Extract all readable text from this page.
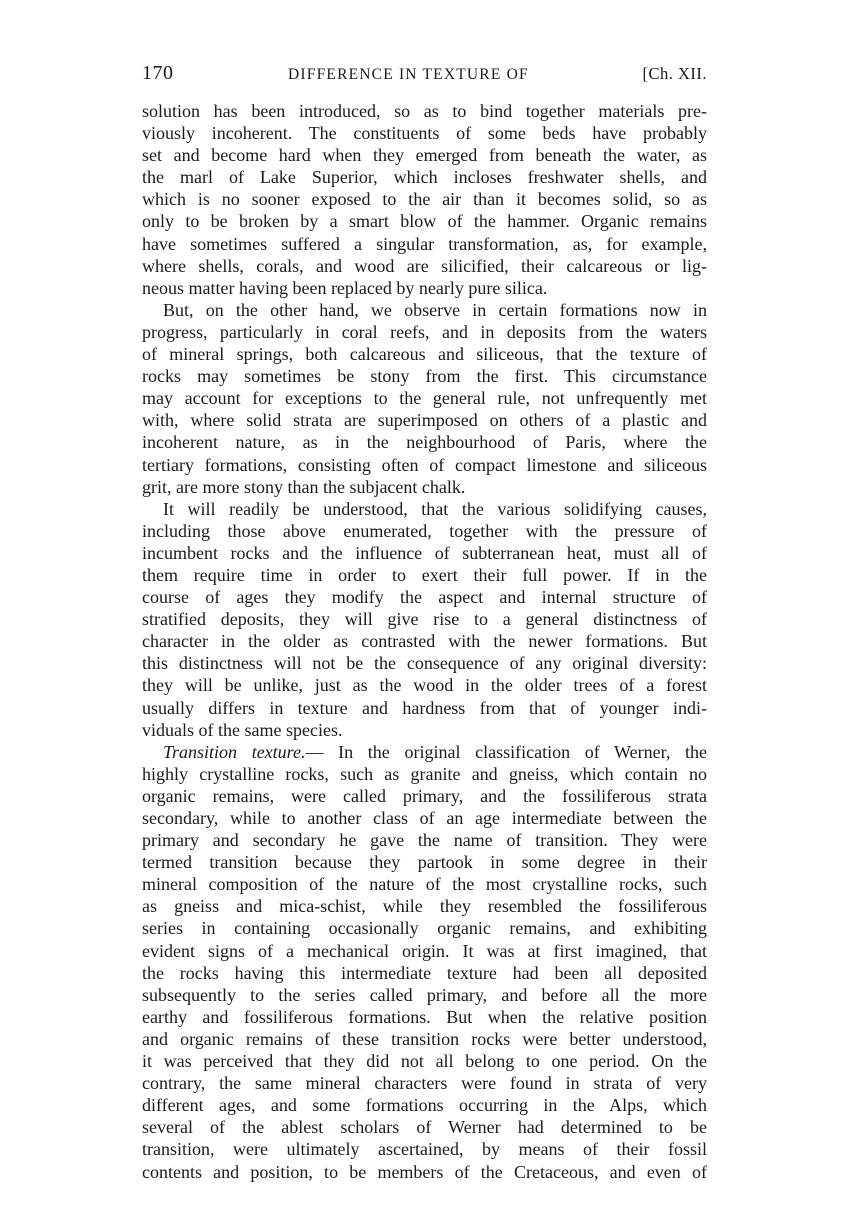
170	DIFFERENCE IN TEXTURE OF	[Ch. XII.
solution has been introduced, so as to bind together materials pre-
viously incoherent. The constituents of some beds have probably
set and become hard when they emerged from beneath the water, as
the marl of Lake Superior, which incloses freshwater shells, and
which is no sooner exposed to the air than it becomes solid, so as
only to be broken by a smart blow of the hammer. Organic remains
have sometimes suffered a singular transformation, as, for example,
where shells, corals, and wood are silicified, their calcareous or lig-
neous matter having been replaced by nearly pure silica.
But, on the other hand, we observe in certain formations now in
progress, particularly in coral reefs, and in deposits from the waters
of mineral springs, both calcareous and siliceous, that the texture of
rocks may sometimes be stony from the first. This circumstance
may account for exceptions to the general rule, not unfrequently met
with, where solid strata are superimposed on others of a plastic and
incoherent nature, as in the neighbourhood of Paris, where the
tertiary formations, consisting often of compact limestone and siliceous
grit, are more stony than the subjacent chalk.
It will readily be understood, that the various solidifying causes,
including those above enumerated, together with the pressure of
incumbent rocks and the influence of subterranean heat, must all of
them require time in order to exert their full power. If in the
course of ages they modify the aspect and internal structure of
stratified deposits, they will give rise to a general distinctness of
character in the older as contrasted with the newer formations. But
this distinctness will not be the consequence of any original diversity:
they will be unlike, just as the wood in the older trees of a forest
usually differs in texture and hardness from that of younger indi-
viduals of the same species.
Transition texture.— In the original classification of Werner, the
highly crystalline rocks, such as granite and gneiss, which contain no
organic remains, were called primary, and the fossiliferous strata
secondary, while to another class of an age intermediate between the
primary and secondary he gave the name of transition. They were
termed transition because they partook in some degree in their
mineral composition of the nature of the most crystalline rocks, such
as gneiss and mica-schist, while they resembled the fossiliferous
series in containing occasionally organic remains, and exhibiting
evident signs of a mechanical origin. It was at first imagined, that
the rocks having this intermediate texture had been all deposited
subsequently to the series called primary, and before all the more
earthy and fossiliferous formations. But when the relative position
and organic remains of these transition rocks were better understood,
it was perceived that they did not all belong to one period. On the
contrary, the same mineral characters were found in strata of very
different ages, and some formations occurring in the Alps, which
several of the ablest scholars of Werner had determined to be
transition, were ultimately ascertained, by means of their fossil
contents and position, to be members of the Cretaceous, and even of
